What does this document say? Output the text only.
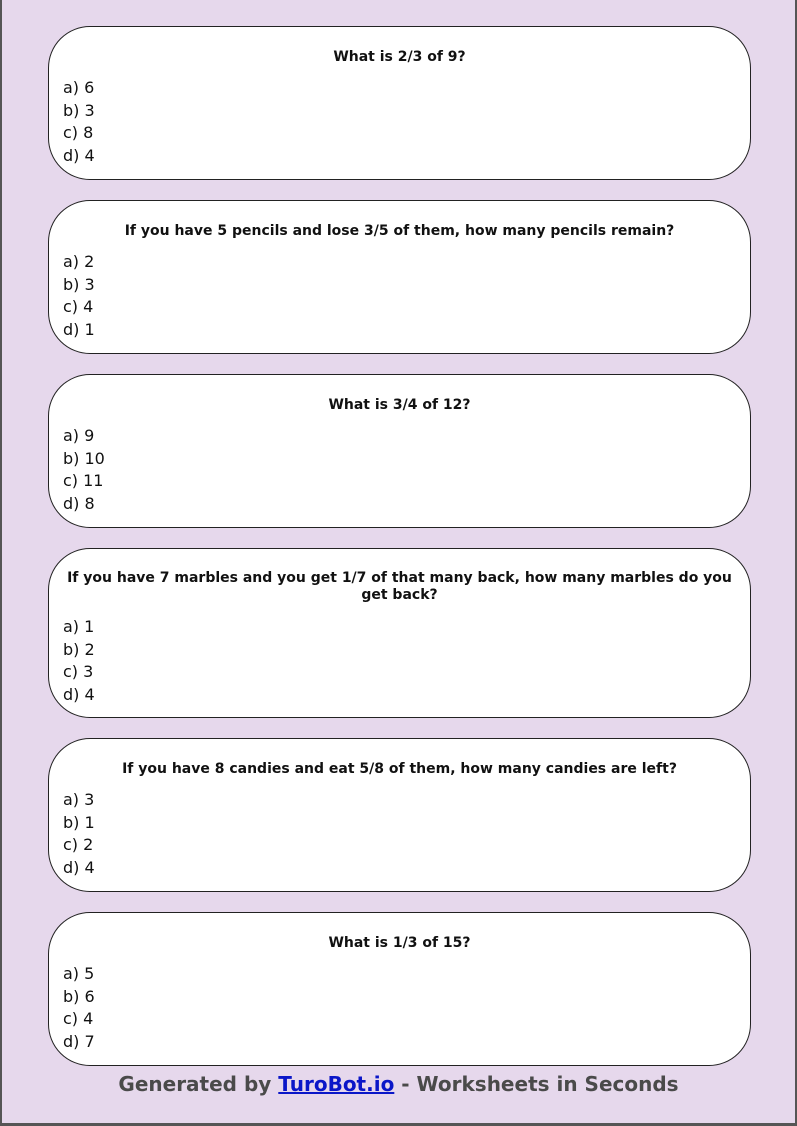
What is 2/3 of 9?
a) 6
b) 3
c) 8
d) 4
If you have 5 pencils and lose 3/5 of them, how many pencils remain?
a) 2
b) 3
c) 4
d) 1
What is 3/4 of 12?
a) 9
b) 10
c) 11
d) 8
If you have 7 marbles and you get 1/7 of that many back, how many marbles do you get back?
a) 1
b) 2
c) 3
d) 4
If you have 8 candies and eat 5/8 of them, how many candies are left?
a) 3
b) 1
c) 2
d) 4
What is 1/3 of 15?
a) 5
b) 6
c) 4
d) 7
Generated by TuroBot.io - Worksheets in Seconds
